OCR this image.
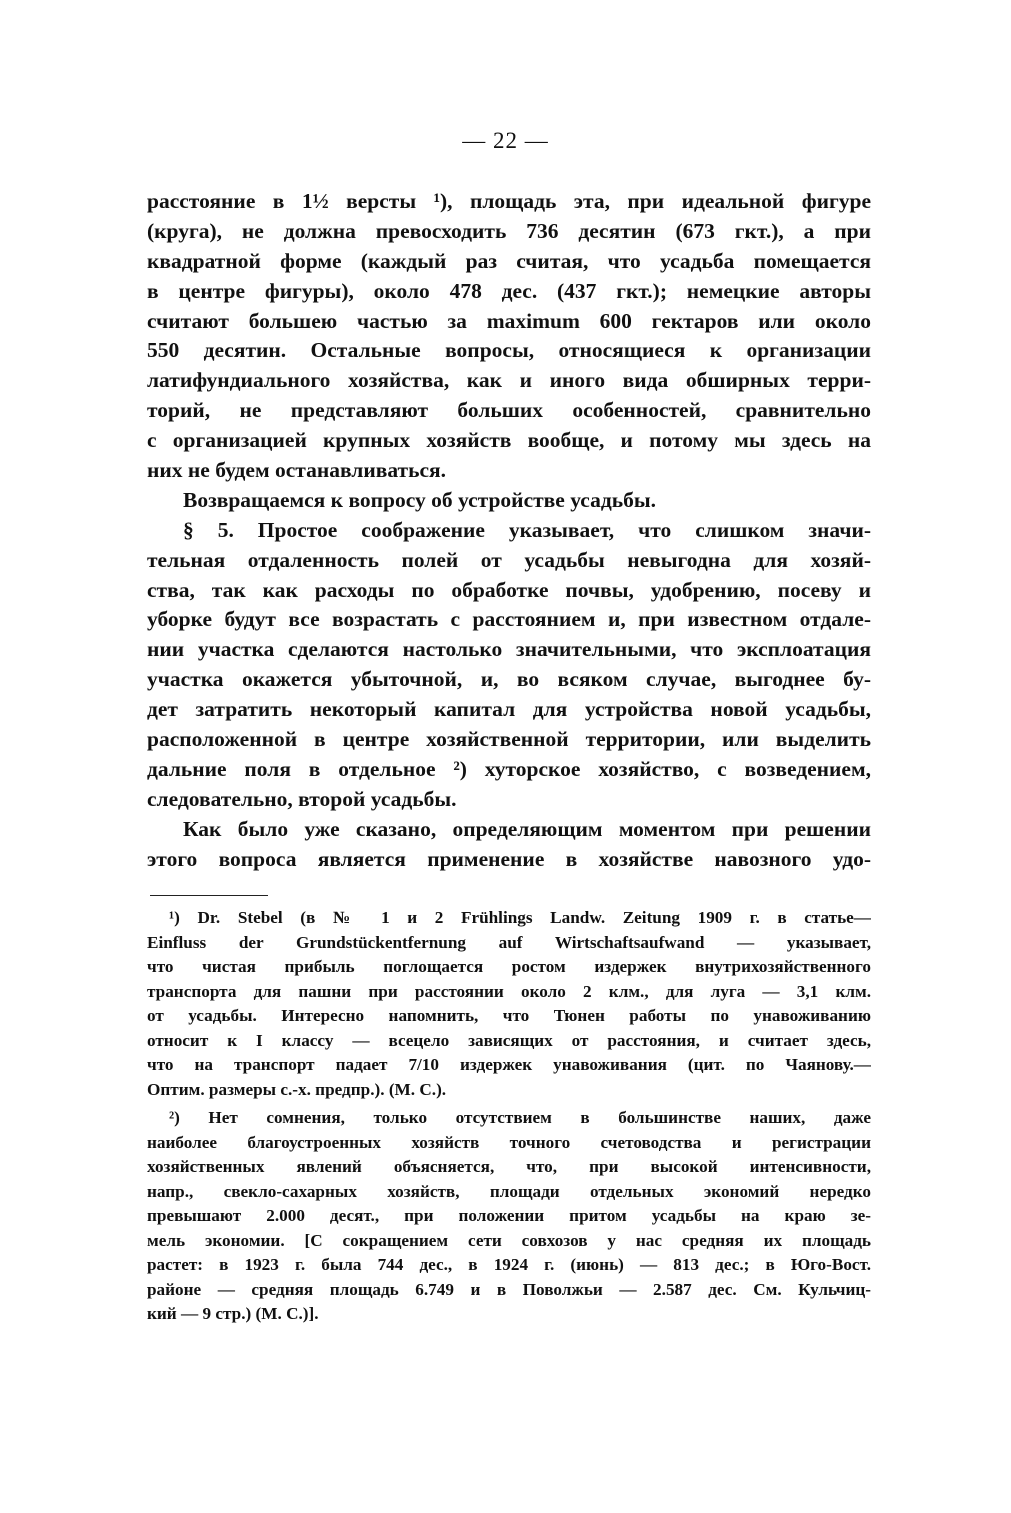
— 22 —
расстояние в 1½ версты ¹), площадь эта, при идеальной фигуре
(круга), не должна превосходить 736 десятин (673 гкт.), а при
квадратной форме (каждый раз считая, что усадьба помещается
в центре фигуры), около 478 дес. (437 гкт.); немецкие авторы
считают большею частью за maximum 600 гектаров или около
550 десятин. Остальные вопросы, относящиеся к организации
латифундиального хозяйства, как и иного вида обширных терри-
торий, не представляют больших особенностей, сравнительно
с организацией крупных хозяйств вообще, и потому мы здесь на
них не будем останавливаться.
Возвращаемся к вопросу об устройстве усадьбы.
§ 5. Простое соображение указывает, что слишком значи-
тельная отдаленность полей от усадьбы невыгодна для хозяй-
ства, так как расходы по обработке почвы, удобрению, посеву и
уборке будут все возрастать с расстоянием и, при известном отдале-
нии участка сделаются настолько значительными, что эксплоатация
участка окажется убыточной, и, во всяком случае, выгоднее бу-
дет затратить некоторый капитал для устройства новой усадьбы,
расположенной в центре хозяйственной территории, или выделить
дальние поля в отдельное ²) хуторское хозяйство, с возведением,
следовательно, второй усадьбы.
Как было уже сказано, определяющим моментом при решении
этого вопроса является применение в хозяйстве навозного удо-
¹) Dr. Stebel (в № 1 и 2 Frühlings Landw. Zeitung 1909 г. в статье—
Einfluss der Grundstückentfernung auf Wirtschaftsaufwand — указывает,
что чистая прибыль поглощается ростом издержек внутрихозяйственного
транспорта для пашни при расстоянии около 2 клм., для луга — 3,1 клм.
от усадьбы. Интересно напомнить, что Тюнен работы по унавоживанию
относит к I классу — всецело зависящих от расстояния, и считает здесь,
что на транспорт падает 7/10 издержек унавоживания (цит. по Чаянову.—
Оптим. размеры с.-х. предпр.). (М. С.).
²) Нет сомнения, только отсутствием в большинстве наших, даже
наиболее благоустроенных хозяйств точного счетоводства и регистрации
хозяйственных явлений объясняется, что, при высокой интенсивности,
напр., свекло-сахарных хозяйств, площади отдельных экономий нередко
превышают 2.000 десят., при положении притом усадьбы на краю зе-
мель экономии. [С сокращением сети совхозов у нас средняя их площадь
растет: в 1923 г. была 744 дес., в 1924 г. (июнь) — 813 дес.; в Юго-Вост.
районе — средняя площадь 6.749 и в Поволжьи — 2.587 дес. См. Кульчиц-
кий — 9 стр.) (М. С.)].
